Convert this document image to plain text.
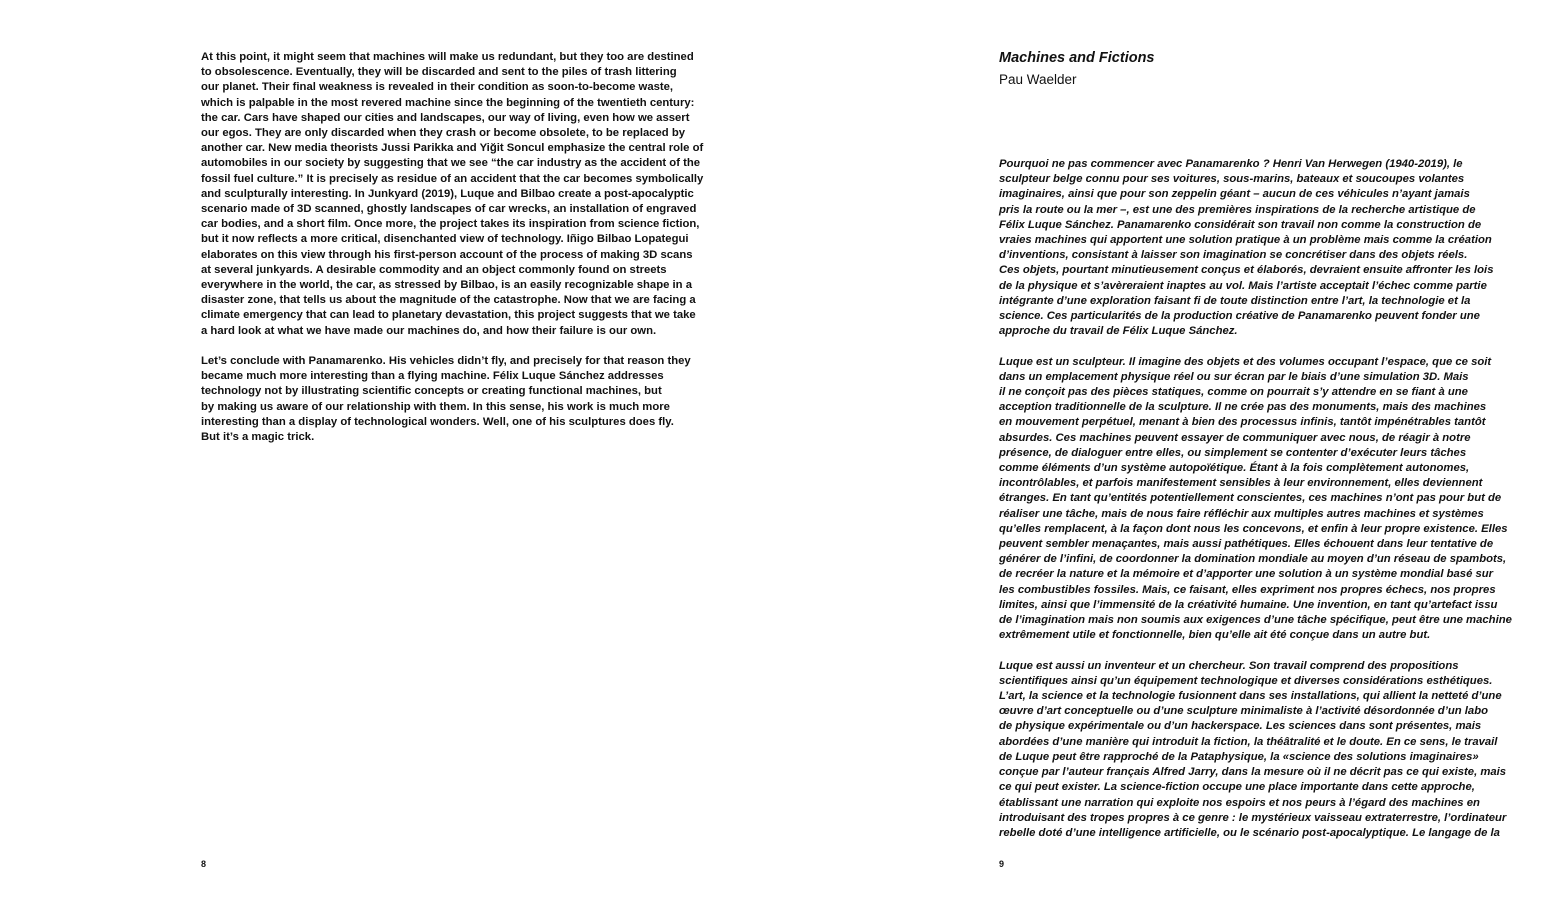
At this point, it might seem that machines will make us redundant, but they too are destined
to obsolescence. Eventually, they will be discarded and sent to the piles of trash littering
our planet. Their final weakness is revealed in their condition as soon-to-become waste,
which is palpable in the most revered machine since the beginning of the twentieth century:
the car. Cars have shaped our cities and landscapes, our way of living, even how we assert
our egos. They are only discarded when they crash or become obsolete, to be replaced by
another car. New media theorists Jussi Parikka and Yiğit Soncul emphasize the central role of
automobiles in our society by suggesting that we see “the car industry as the accident of the
fossil fuel culture.” It is precisely as residue of an accident that the car becomes symbolically
and sculpturally interesting. In Junkyard (2019), Luque and Bilbao create a post-apocalyptic
scenario made of 3D scanned, ghostly landscapes of car wrecks, an installation of engraved
car bodies, and a short film. Once more, the project takes its inspiration from science fiction,
but it now reflects a more critical, disenchanted view of technology. Iñigo Bilbao Lopategui
elaborates on this view through his first-person account of the process of making 3D scans
at several junkyards. A desirable commodity and an object commonly found on streets
everywhere in the world, the car, as stressed by Bilbao, is an easily recognizable shape in a
disaster zone, that tells us about the magnitude of the catastrophe. Now that we are facing a
climate emergency that can lead to planetary devastation, this project suggests that we take
a hard look at what we have made our machines do, and how their failure is our own.

Let’s conclude with Panamarenko. His vehicles didn’t fly, and precisely for that reason they
became much more interesting than a flying machine. Félix Luque Sánchez addresses
technology not by illustrating scientific concepts or creating functional machines, but
by making us aware of our relationship with them. In this sense, his work is much more
interesting than a display of technological wonders. Well, one of his sculptures does fly.
But it’s a magic trick.

8
Machines and Fictions
Pau Waelder

Pourquoi ne pas commencer avec Panamarenko ? Henri Van Herwegen (1940-2019), le
sculpteur belge connu pour ses voitures, sous-marins, bateaux et soucoupes volantes
imaginaires, ainsi que pour son zeppelin géant – aucun de ces véhicules n’ayant jamais
pris la route ou la mer –, est une des premières inspirations de la recherche artistique de
Félix Luque Sánchez. Panamarenko considérait son travail non comme la construction de
vraies machines qui apportent une solution pratique à un problème mais comme la création
d’inventions, consistant à laisser son imagination se concrétiser dans des objets réels.
Ces objets, pourtant minutieusement conçus et élaborés, devraient ensuite affronter les lois
de la physique et s’avèreraient inaptes au vol. Mais l’artiste acceptait l’échec comme partie
intégrante d’une exploration faisant fi de toute distinction entre l’art, la technologie et la
science. Ces particularités de la production créative de Panamarenko peuvent fonder une
approche du travail de Félix Luque Sánchez.

Luque est un sculpteur. Il imagine des objets et des volumes occupant l’espace, que ce soit
dans un emplacement physique réel ou sur écran par le biais d’une simulation 3D. Mais
il ne conçoit pas des pièces statiques, comme on pourrait s’y attendre en se fiant à une
acception traditionnelle de la sculpture. Il ne crée pas des monuments, mais des machines
en mouvement perpétuel, menant à bien des processus infinis, tantôt impénétrables tantôt
absurdes. Ces machines peuvent essayer de communiquer avec nous, de réagir à notre
présence, de dialoguer entre elles, ou simplement se contenter d’exécuter leurs tâches
comme éléments d’un système autopoïétique. Étant à la fois complètement autonomes,
incontrôlables, et parfois manifestement sensibles à leur environnement, elles deviennent
étranges. En tant qu’entités potentiellement conscientes, ces machines n’ont pas pour but de
réaliser une tâche, mais de nous faire réfléchir aux multiples autres machines et systèmes
qu’elles remplacent, à la façon dont nous les concevons, et enfin à leur propre existence. Elles
peuvent sembler menaçantes, mais aussi pathétiques. Elles échouent dans leur tentative de
générer de l’infini, de coordonner la domination mondiale au moyen d’un réseau de spambots,
de recréer la nature et la mémoire et d’apporter une solution à un système mondial basé sur
les combustibles fossiles. Mais, ce faisant, elles expriment nos propres échecs, nos propres
limites, ainsi que l’immensité de la créativité humaine. Une invention, en tant qu’artefact issu
de l’imagination mais non soumis aux exigences d’une tâche spécifique, peut être une machine
extrêmement utile et fonctionnelle, bien qu’elle ait été conçue dans un autre but.

Luque est aussi un inventeur et un chercheur. Son travail comprend des propositions
scientifiques ainsi qu’un équipement technologique et diverses considérations esthétiques.
L’art, la science et la technologie fusionnent dans ses installations, qui allient la netteté d’une
œuvre d’art conceptuelle ou d’une sculpture minimaliste à l’activité désordonnée d’un labo
de physique expérimentale ou d’un hackerspace. Les sciences dans sont présentes, mais
abordées d’une manière qui introduit la fiction, la théâtralité et le doute. En ce sens, le travail
de Luque peut être rapproché de la Pataphysique, la «science des solutions imaginaires»
conçue par l’auteur français Alfred Jarry, dans la mesure où il ne décrit pas ce qui existe, mais
ce qui peut exister. La science-fiction occupe une place importante dans cette approche,
établissant une narration qui exploite nos espoirs et nos peurs à l’égard des machines en
introduisant des tropes propres à ce genre : le mystérieux vaisseau extraterrestre, l’ordinateur
rebelle doté d’une intelligence artificielle, ou le scénario post-apocalyptique. Le langage de la

9
